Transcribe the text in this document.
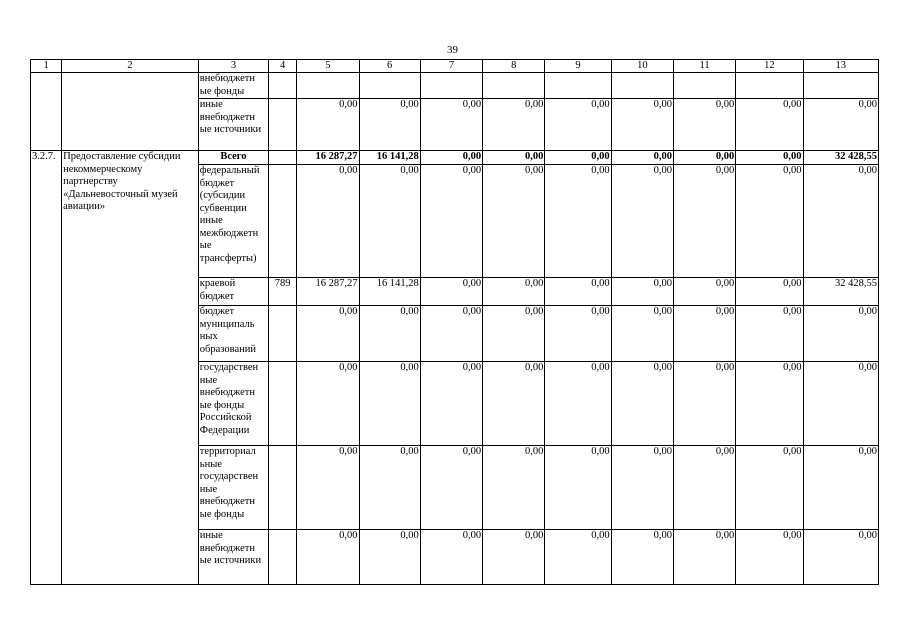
39
1	2	3	4	5	6	7	8	9	10	11	12	13
		внебюджетн ые фонды										
		иные внебюджетн ые источники		0,00	0,00	0,00	0,00	0,00	0,00	0,00	0,00	0,00
3.2.7.	Предоставление субсидии некоммерческому партнерству «Дальневосточный музей авиации»	Всего		16 287,27	16 141,28	0,00	0,00	0,00	0,00	0,00	0,00	32 428,55
		федеральный бюджет (субсидии субвенции иные межбюджетн ые трансферты)		0,00	0,00	0,00	0,00	0,00	0,00	0,00	0,00	0,00
		краевой бюджет	789	16 287,27	16 141,28	0,00	0,00	0,00	0,00	0,00	0,00	32 428,55
		бюджет муниципаль ных образований		0,00	0,00	0,00	0,00	0,00	0,00	0,00	0,00	0,00
		государствен ные внебюджетн ые фонды Российской Федерации		0,00	0,00	0,00	0,00	0,00	0,00	0,00	0,00	0,00
		территориал ьные государствен ные внебюджетн ые фонды		0,00	0,00	0,00	0,00	0,00	0,00	0,00	0,00	0,00
		иные внебюджетн ые источники		0,00	0,00	0,00	0,00	0,00	0,00	0,00	0,00	0,00
